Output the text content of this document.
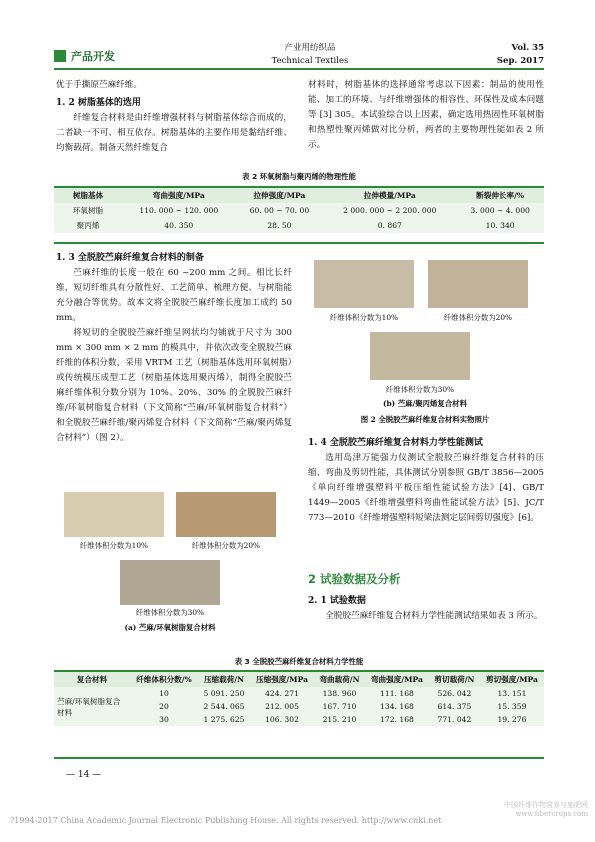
产品开发
产业用纺织品
Technical Textiles
Vol. 35
Sep. 2017
优于手撕原苎麻纤维。
1. 2 树脂基体的选用
纤维复合材料是由纤维增强材料与树脂基体综合而成的，二者缺一不可、相互依存。树脂基体的主要作用是黏结纤维、均衡载荷。制备天然纤维复合
材料时，树脂基体的选择通常考虑以下因素：制品的使用性能、加工的环境、与纤维增强体的相容性、环保性及成本问题等 [3] 305。本试验综合以上因素，确定选用热固性环氧树脂和热塑性聚丙烯做对比分析，两者的主要物理性能如表 2 所示。
表 2 环氧树脂与聚丙烯的物理性能
树脂基体	弯曲强度/MPa	拉伸强度/MPa	拉伸模量/MPa	断裂伸长率/%
环氧树脂	110. 000 ~ 120. 000	60. 00 ~ 70. 00	2 000. 000 ~ 2 200. 000	3. 000 ~ 4. 000
聚丙烯	40. 350	28. 50	0. 867	10. 340
1. 3 全脱胶苎麻纤维复合材料的制备
苎麻纤维的长度一般在 60 ~200 mm 之间。相比长纤维，短切纤维具有分散性好、工艺简单、梳理方便、与树脂能充分融合等优势。故本文将全脱胶苎麻纤维长度加工成约 50 mm。
将短切的全脱胶苎麻纤维呈网状均匀铺就于尺寸为 300 mm × 300 mm × 2 mm 的模具中，并依次改变全脱胶苎麻纤维的体积分数，采用 VRTM 工艺（树脂基体选用环氧树脂）或传统模压成型工艺（树脂基体选用聚丙烯），制得全脱胶苎麻纤维体积分数分别为 10%、20%、30% 的全脱胶苎麻纤维/环氧树脂复合材料（下文简称“苎麻/环氧树脂复合材料”）和全脱胶苎麻纤维/聚丙烯复合材料（下文简称“苎麻/聚丙烯复合材料”）（图 2）。
纤维体积分数为10%	纤维体积分数为20%
纤维体积分数为30%
(a) 苎麻/环氧树脂复合材料
纤维体积分数为10%	纤维体积分数为20%
纤维体积分数为30%
(b) 苎麻/聚丙烯复合材料
图 2 全脱胶苎麻纤维复合材料实物照片
1. 4 全脱胶苎麻纤维复合材料力学性能测试
选用岛津万能强力仪测试全脱胶苎麻纤维复合材料的压缩、弯曲及剪切性能，具体测试分别参照 GB/T 3856—2005《单向纤维增强塑料平板压缩性能试验方法》[4]、GB/T 1449—2005《纤维增强塑料弯曲性能试验方法》[5]、JC/T 773—2010《纤维增强塑料短梁法测定层间剪切强度》[6]。
2 试验数据及分析
2. 1 试验数据
全脱胶苎麻纤维复合材料力学性能测试结果如表 3 所示。
表 3 全脱胶苎麻纤维复合材料力学性能
复合材料	纤维体积分数/%	压缩载荷/N	压缩强度/MPa	弯曲载荷/N	弯曲强度/MPa	剪切载荷/N	剪切强度/MPa
苎麻/环氧树脂复合材料	10	5 091. 250	424. 271	138. 960	111. 168	526. 042	13. 151
	20	2 544. 065	212. 005	167. 710	134. 168	614. 375	15. 359
	30	1 275. 625	106. 302	215. 210	172. 168	771. 042	19. 276
— 14 —
?1994-2017 China Academic Journal Electronic Publishing House. All rights reserved. http://www.cnki.net
中国纤维作物营养与施肥网 www.fibercrops.com
